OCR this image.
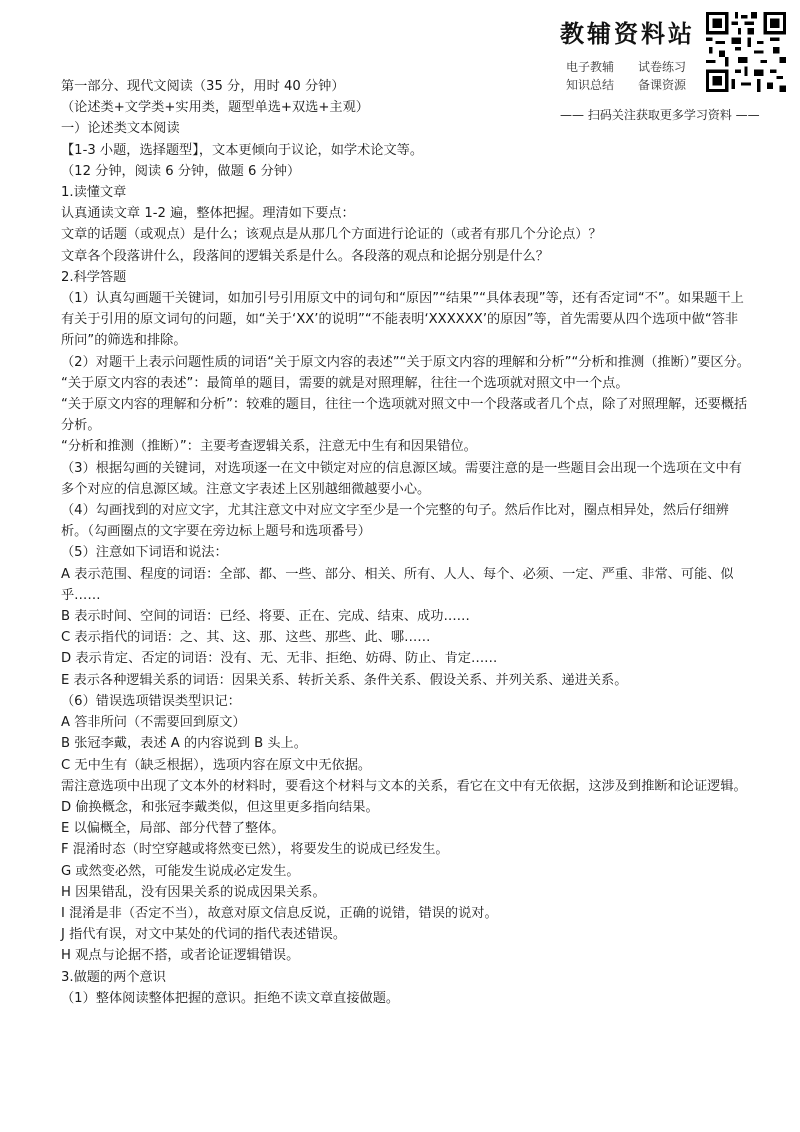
教辅资料站
电子教辅	试卷练习
知识总结	备课资源
—— 扫码关注获取更多学习资料 ——
第一部分、现代文阅读（35 分，用时 40 分钟）
（论述类+文学类+实用类，题型单选+双选+主观）
一）论述类文本阅读
【1-3 小题，选择题型】，文本更倾向于议论，如学术论文等。
（12 分钟，阅读 6 分钟，做题 6 分钟）
1.读懂文章
认真通读文章 1-2 遍，整体把握。理清如下要点：
文章的话题（或观点）是什么；该观点是从那几个方面进行论证的（或者有那几个分论点）？
文章各个段落讲什么，段落间的逻辑关系是什么。各段落的观点和论据分别是什么？
2.科学答题
（1）认真勾画题干关键词，如加引号引用原文中的词句和“原因”“结果”“具体表现”等，还有否定词“不”。如果题干上有关于引用的原文词句的问题，如“关于‘XX’的说明”“不能表明‘XXXXXX’的原因”等，首先需要从四个选项中做“答非所问”的筛选和排除。
（2）对题干上表示问题性质的词语“关于原文内容的表述”“关于原文内容的理解和分析”“分析和推测（推断）”要区分。
“关于原文内容的表述”：最简单的题目，需要的就是对照理解，往往一个选项就对照文中一个点。
“关于原文内容的理解和分析”：较难的题目，往往一个选项就对照文中一个段落或者几个点，除了对照理解，还要概括分析。
“分析和推测（推断）”：主要考查逻辑关系，注意无中生有和因果错位。
（3）根据勾画的关键词，对选项逐一在文中锁定对应的信息源区域。需要注意的是一些题目会出现一个选项在文中有多个对应的信息源区域。注意文字表述上区别越细微越要小心。
（4）勾画找到的对应文字，尤其注意文中对应文字至少是一个完整的句子。然后作比对，圈点相异处，然后仔细辨析。（勾画圈点的文字要在旁边标上题号和选项番号）
（5）注意如下词语和说法：
A 表示范围、程度的词语：全部、都、一些、部分、相关、所有、人人、每个、必须、一定、严重、非常、可能、似乎……
B 表示时间、空间的词语：已经、将要、正在、完成、结束、成功……
C 表示指代的词语：之、其、这、那、这些、那些、此、哪……
D 表示肯定、否定的词语：没有、无、无非、拒绝、妨碍、防止、肯定……
E 表示各种逻辑关系的词语：因果关系、转折关系、条件关系、假设关系、并列关系、递进关系。
（6）错误选项错误类型识记：
A 答非所问（不需要回到原文）
B 张冠李戴，表述 A 的内容说到 B 头上。
C 无中生有（缺乏根据），选项内容在原文中无依据。
需注意选项中出现了文本外的材料时，要看这个材料与文本的关系，看它在文中有无依据，这涉及到推断和论证逻辑。
D 偷换概念，和张冠李戴类似，但这里更多指向结果。
E 以偏概全，局部、部分代替了整体。
F 混淆时态（时空穿越或将然变已然），将要发生的说成已经发生。
G 或然变必然，可能发生说成必定发生。
H 因果错乱，没有因果关系的说成因果关系。
I 混淆是非（否定不当），故意对原文信息反说，正确的说错，错误的说对。
J 指代有误，对文中某处的代词的指代表述错误。
H 观点与论据不搭，或者论证逻辑错误。
3.做题的两个意识
（1）整体阅读整体把握的意识。拒绝不读文章直接做题。
